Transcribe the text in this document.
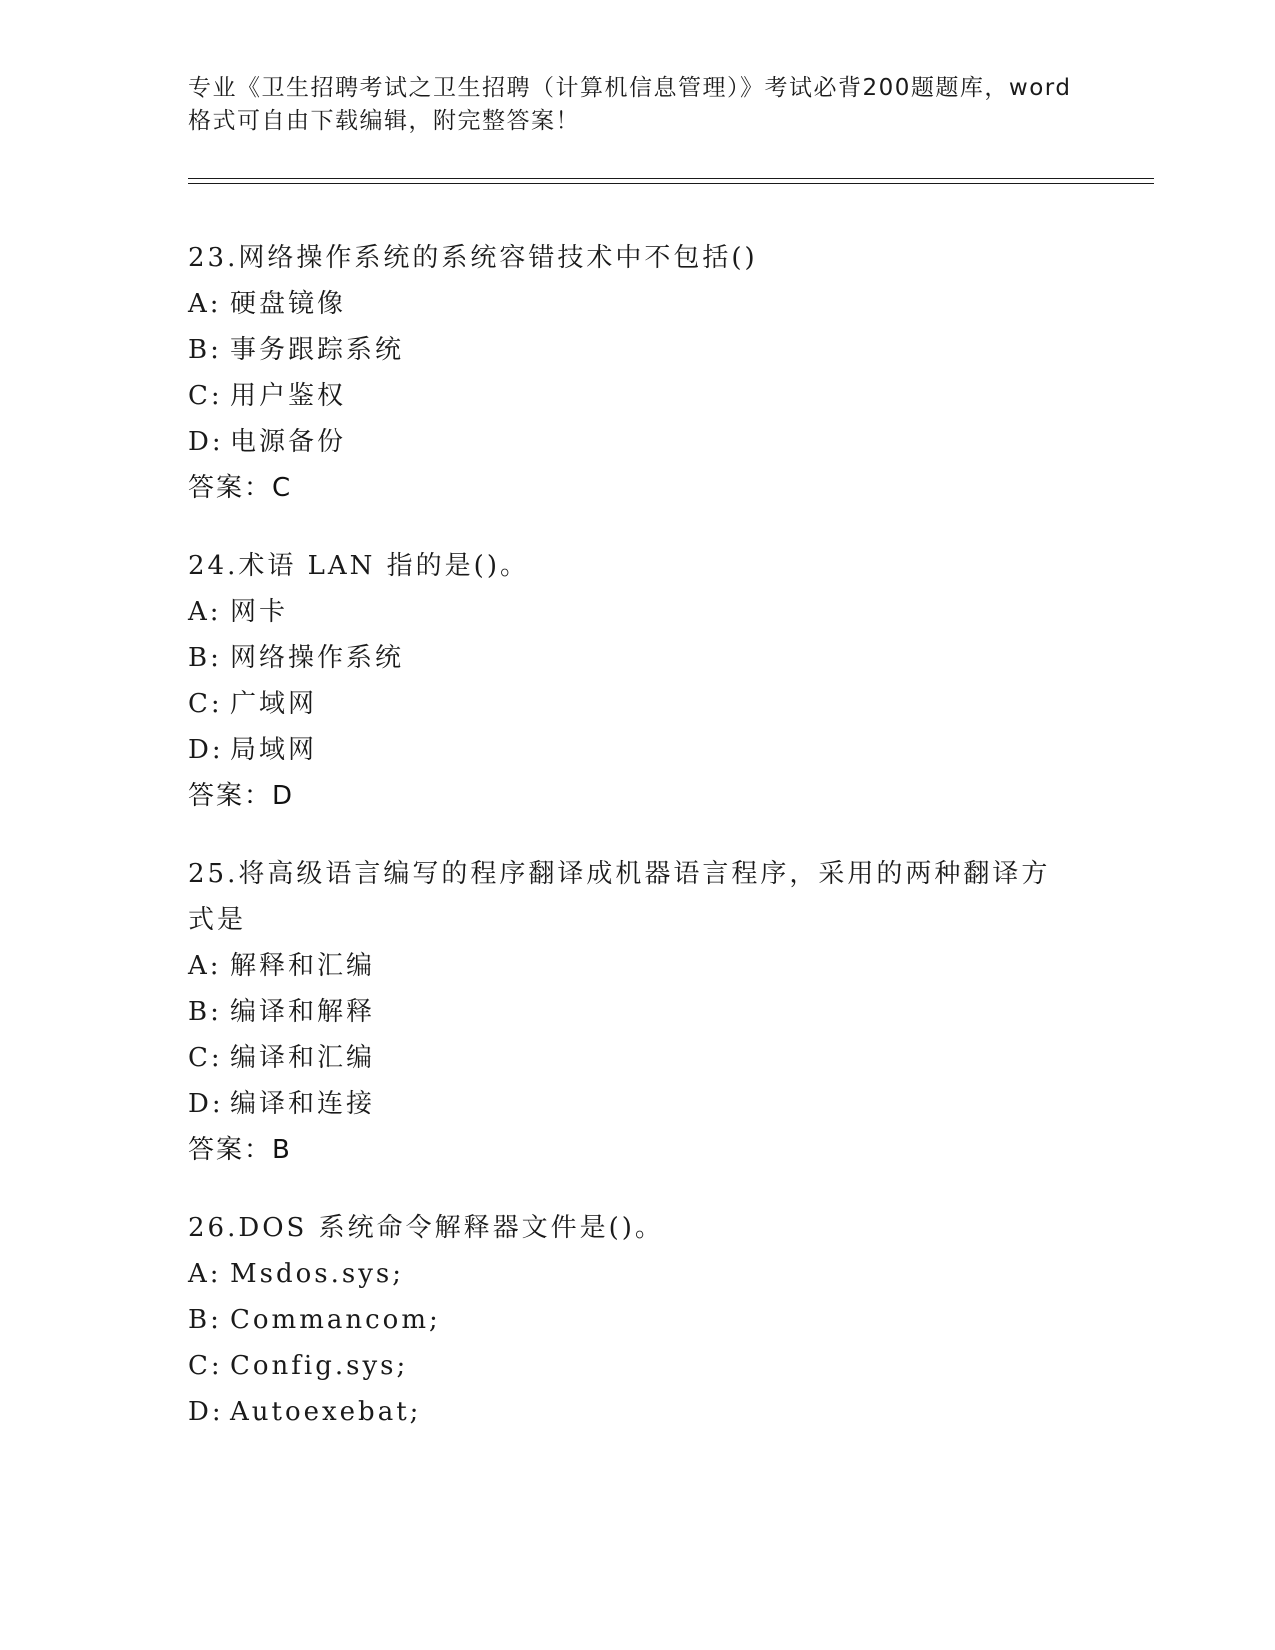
专业《卫生招聘考试之卫生招聘（计算机信息管理）》考试必背200题题库，word

格式可自由下载编辑，附完整答案！

23.网络操作系统的系统容错技术中不包括()

A: 硬盘镜像

B: 事务跟踪系统

C: 用户鉴权

D: 电源备份

答案：C

24.术语 LAN 指的是()。

A: 网卡

B: 网络操作系统

C: 广域网

D: 局域网

答案：D

25.将高级语言编写的程序翻译成机器语言程序，采用的两种翻译方式是

A: 解释和汇编

B: 编译和解释

C: 编译和汇编

D: 编译和连接

答案：B

26.DOS 系统命令解释器文件是()。

A: Msdos.sys;

B: Commancom;

C: Config.sys;

D: Autoexebat;
